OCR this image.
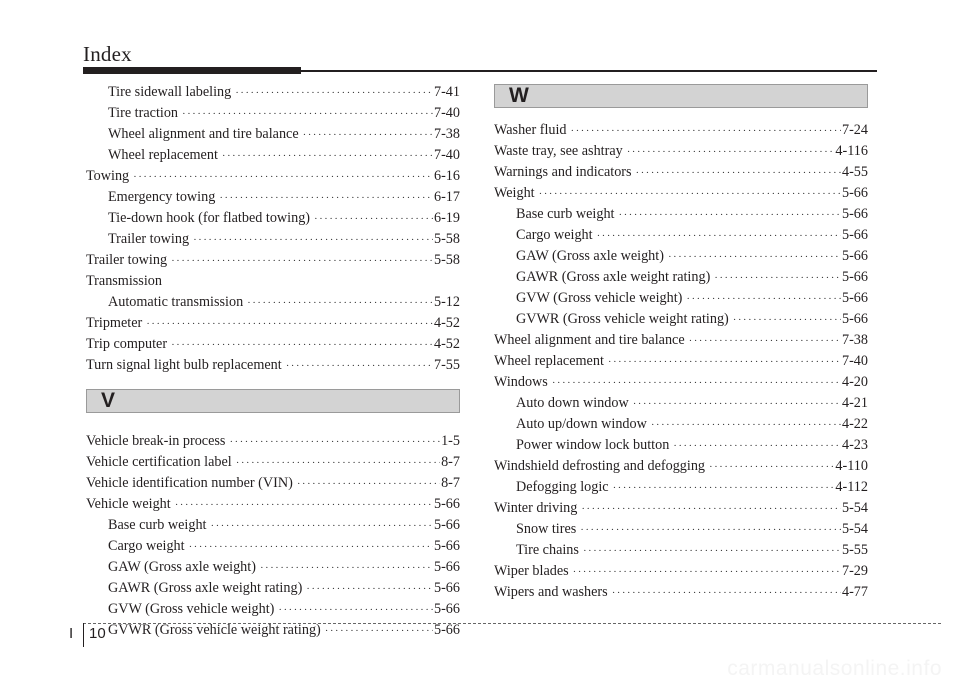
Index
Tire sidewall labeling ·····	7-41
Tire traction ·····	7-40
Wheel alignment and tire balance ·····	7-38
Wheel replacement ·····	7-40
Towing ·····	6-16
Emergency towing ·····	6-17
Tie-down hook (for flatbed towing) ·····	6-19
Trailer towing ·····	5-58
Trailer towing ·····	5-58
Transmission
Automatic transmission ·····	5-12
Tripmeter ·····	4-52
Trip computer ·····	4-52
Turn signal light bulb replacement ·····	7-55
V
Vehicle break-in process ·····	1-5
Vehicle certification label ·····	8-7
Vehicle identification number (VIN) ·····	8-7
Vehicle weight ·····	5-66
Base curb weight ·····	5-66
Cargo weight ·····	5-66
GAW (Gross axle weight) ·····	5-66
GAWR (Gross axle weight rating) ·····	5-66
GVW (Gross vehicle weight) ·····	5-66
GVWR (Gross vehicle weight rating) ·····	5-66
W
Washer fluid ·····	7-24
Waste tray, see ashtray ·····	4-116
Warnings and indicators ·····	4-55
Weight ·····	5-66
Base curb weight ·····	5-66
Cargo weight ·····	5-66
GAW (Gross axle weight) ·····	5-66
GAWR (Gross axle weight rating) ·····	5-66
GVW (Gross vehicle weight) ·····	5-66
GVWR (Gross vehicle weight rating) ·····	5-66
Wheel alignment and tire balance ·····	7-38
Wheel replacement ·····	7-40
Windows ·····	4-20
Auto down window ·····	4-21
Auto up/down window ·····	4-22
Power window lock button ·····	4-23
Windshield defrosting and defogging ·····	4-110
Defogging logic ·····	4-112
Winter driving ·····	5-54
Snow tires ·····	5-54
Tire chains ·····	5-55
Wiper blades ·····	7-29
Wipers and washers ·····	4-77
I 10
carmanualsonline.info
